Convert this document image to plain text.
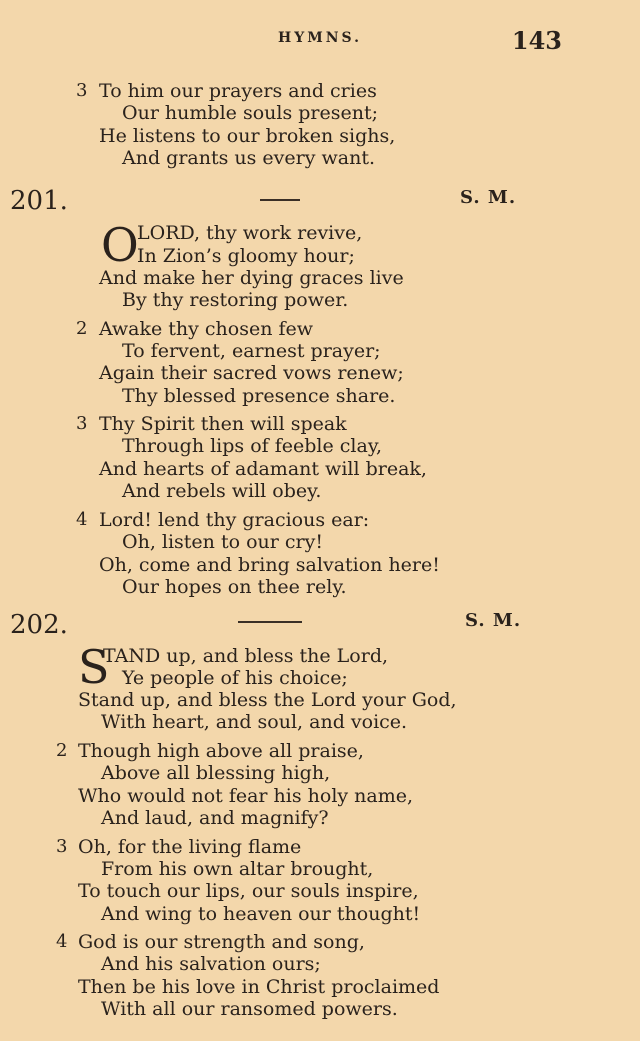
HYMNS.	143
3 To him our prayers and cries
Our humble souls present;
He listens to our broken sighs,
And grants us every want.
201.	S. M.
O
LORD, thy work revive,
In Zion’s gloomy hour;
And make her dying graces live
By thy restoring power.
2 Awake thy chosen few
To fervent, earnest prayer;
Again their sacred vows renew;
Thy blessed presence share.
3 Thy Spirit then will speak
Through lips of feeble clay,
And hearts of adamant will break,
And rebels will obey.
4 Lord! lend thy gracious ear:
Oh, listen to our cry!
Oh, come and bring salvation here!
Our hopes on thee rely.
202.	S. M.
S
TAND up, and bless the Lord,
Ye people of his choice;
Stand up, and bless the Lord your God,
With heart, and soul, and voice.
2 Though high above all praise,
Above all blessing high,
Who would not fear his holy name,
And laud, and magnify?
3 Oh, for the living flame
From his own altar brought,
To touch our lips, our souls inspire,
And wing to heaven our thought!
4 God is our strength and song,
And his salvation ours;
Then be his love in Christ proclaimed
With all our ransomed powers.
